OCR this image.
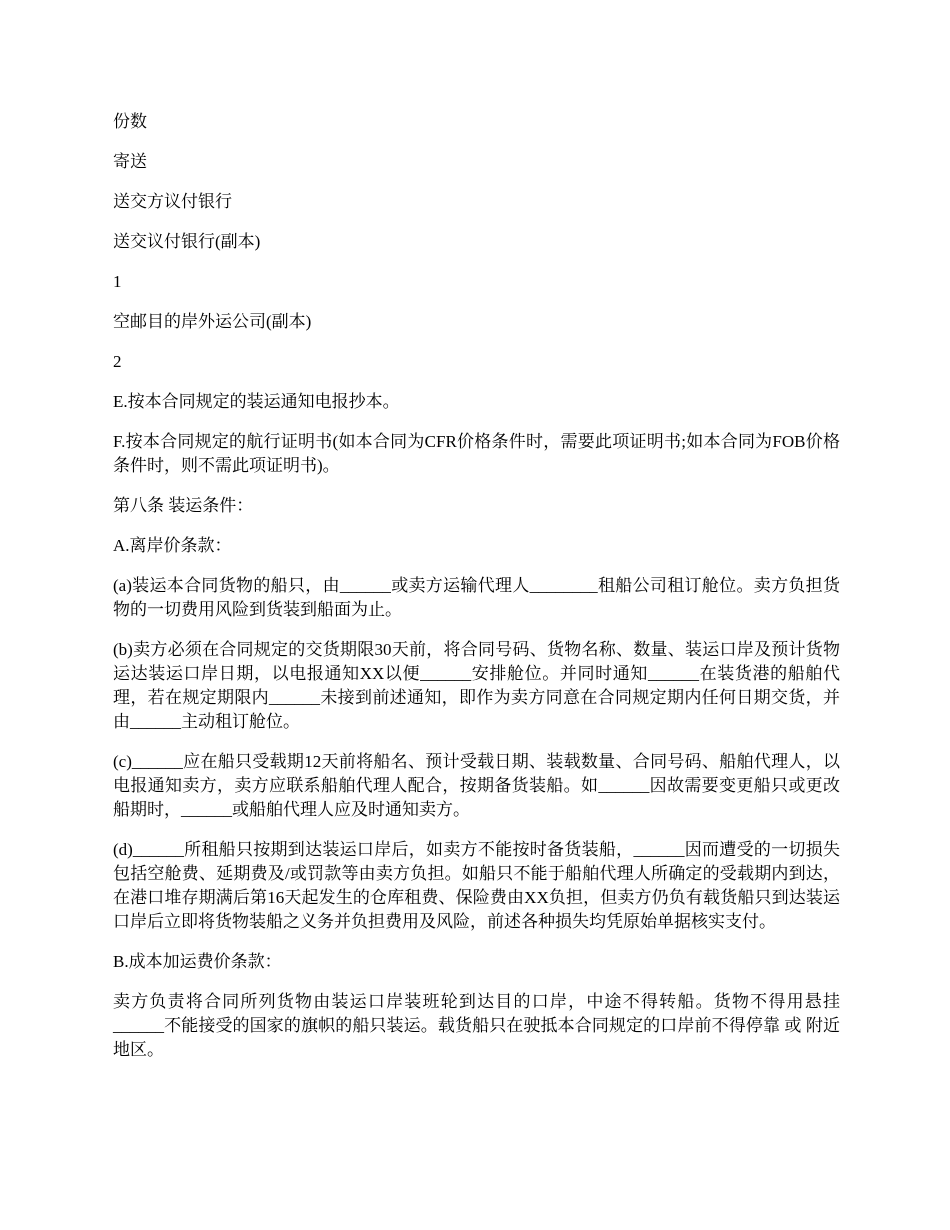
份数

寄送

送交方议付银行

送交议付银行(副本)

1

空邮目的岸外运公司(副本)

2

E.按本合同规定的装运通知电报抄本。

F.按本合同规定的航行证明书(如本合同为CFR价格条件时，需要此项证明书;如本合同为FOB价格条件时，则不需此项证明书)。

第八条 装运条件：

A.离岸价条款：

(a)装运本合同货物的船只，由______或卖方运输代理人________租船公司租订舱位。卖方负担货物的一切费用风险到货装到船面为止。

(b)卖方必须在合同规定的交货期限30天前，将合同号码、货物名称、数量、装运口岸及预计货物运达装运口岸日期，以电报通知XX以便______安排舱位。并同时通知______在装货港的船舶代理，若在规定期限内______未接到前述通知，即作为卖方同意在合同规定期内任何日期交货，并由______主动租订舱位。

(c)______应在船只受载期12天前将船名、预计受载日期、装载数量、合同号码、船舶代理人，以电报通知卖方，卖方应联系船舶代理人配合，按期备货装船。如______因故需要变更船只或更改船期时，______或船舶代理人应及时通知卖方。

(d)______所租船只按期到达装运口岸后，如卖方不能按时备货装船，______因而遭受的一切损失包括空舱费、延期费及/或罚款等由卖方负担。如船只不能于船舶代理人所确定的受载期内到达，在港口堆存期满后第16天起发生的仓库租费、保险费由XX负担，但卖方仍负有载货船只到达装运口岸后立即将货物装船之义务并负担费用及风险，前述各种损失均凭原始单据核实支付。

B.成本加运费价条款：

卖方负责将合同所列货物由装运口岸装班轮到达目的口岸，中途不得转船。货物不得用悬挂______不能接受的国家的旗帜的船只装运。载货船只在驶抵本合同规定的口岸前不得停靠 或 附近地区。
